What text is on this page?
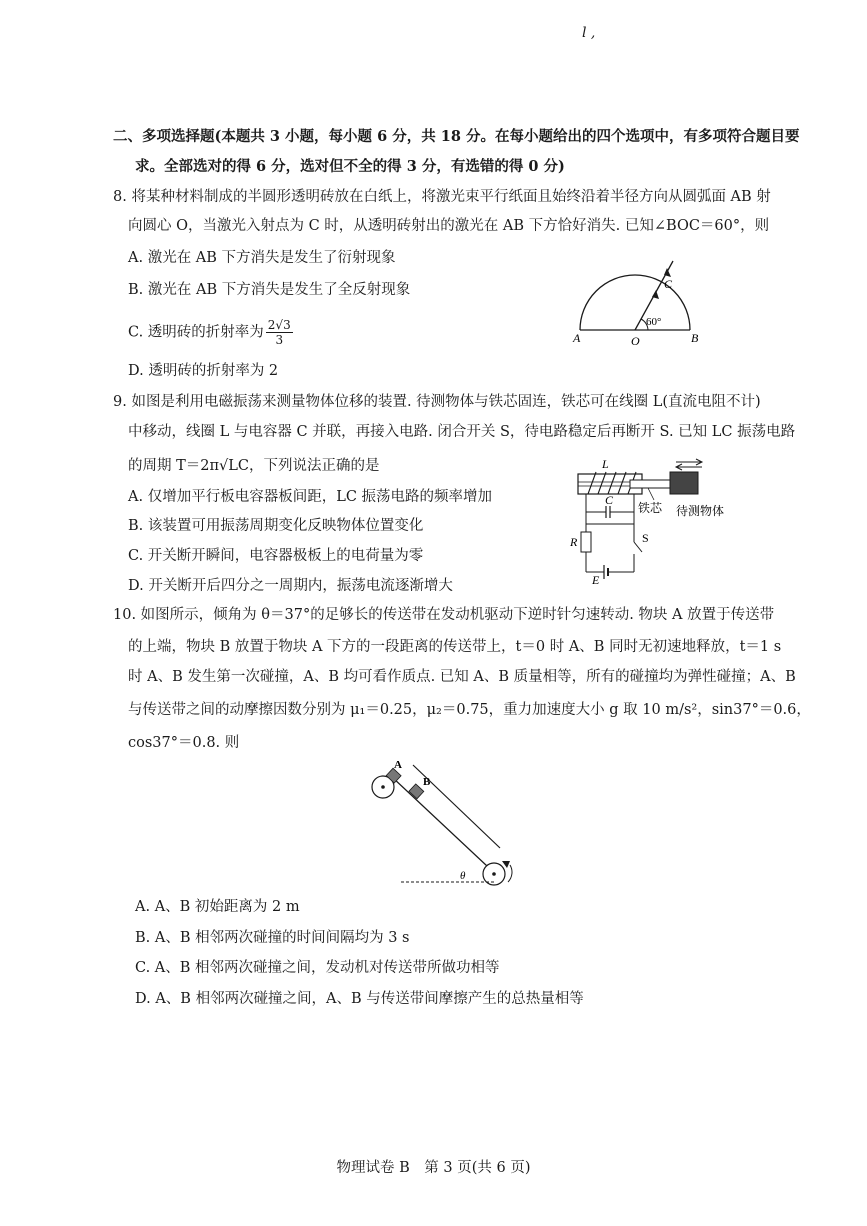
l ,
二、多项选择题(本题共 3 小题，每小题 6 分，共 18 分。在每小题给出的四个选项中，有多项符合题目要
求。全部选对的得 6 分，选对但不全的得 3 分，有选错的得 0 分)
8. 将某种材料制成的半圆形透明砖放在白纸上，将激光束平行纸面且始终沿着半径方向从圆弧面 AB 射
向圆心 O，当激光入射点为 C 时，从透明砖射出的激光在 AB 下方恰好消失. 已知∠BOC＝60°，则
A. 激光在 AB 下方消失是发生了衍射现象
B. 激光在 AB 下方消失是发生了全反射现象
C. 透明砖的折射率为 $\frac{2√3}{3}$
D. 透明砖的折射率为 2
A	O	B
C
60°
9. 如图是利用电磁振荡来测量物体位移的装置. 待测物体与铁芯固连，铁芯可在线圈 L(直流电阻不计)
中移动，线圈 L 与电容器 C 并联，再接入电路. 闭合开关 S，待电路稳定后再断开 S. 已知 LC 振荡电路
的周期 T＝2π√LC，下列说法正确的是
A. 仅增加平行板电容器板间距，LC 振荡电路的频率增加
B. 该装置可用振荡周期变化反映物体位置变化
C. 开关断开瞬间，电容器极板上的电荷量为零
D. 开关断开后四分之一周期内，振荡电流逐渐增大
L
C
R	S
E
铁芯 待测物体
10. 如图所示，倾角为 θ＝37°的足够长的传送带在发动机驱动下逆时针匀速转动. 物块 A 放置于传送带
的上端，物块 B 放置于物块 A 下方的一段距离的传送带上，t＝0 时 A、B 同时无初速地释放，t＝1 s
时 A、B 发生第一次碰撞，A、B 均可看作质点. 已知 A、B 质量相等，所有的碰撞均为弹性碰撞；A、B
与传送带之间的动摩擦因数分别为 μ₁＝0.25，μ₂＝0.75，重力加速度大小 g 取 10 m/s²，sin37°＝0.6，
cos37°＝0.8. 则
A
B
θ
A. A、B 初始距离为 2 m
B. A、B 相邻两次碰撞的时间间隔均为 3 s
C. A、B 相邻两次碰撞之间，发动机对传送带所做功相等
D. A、B 相邻两次碰撞之间，A、B 与传送带间摩擦产生的总热量相等
物理试卷 B　第 3 页(共 6 页)
